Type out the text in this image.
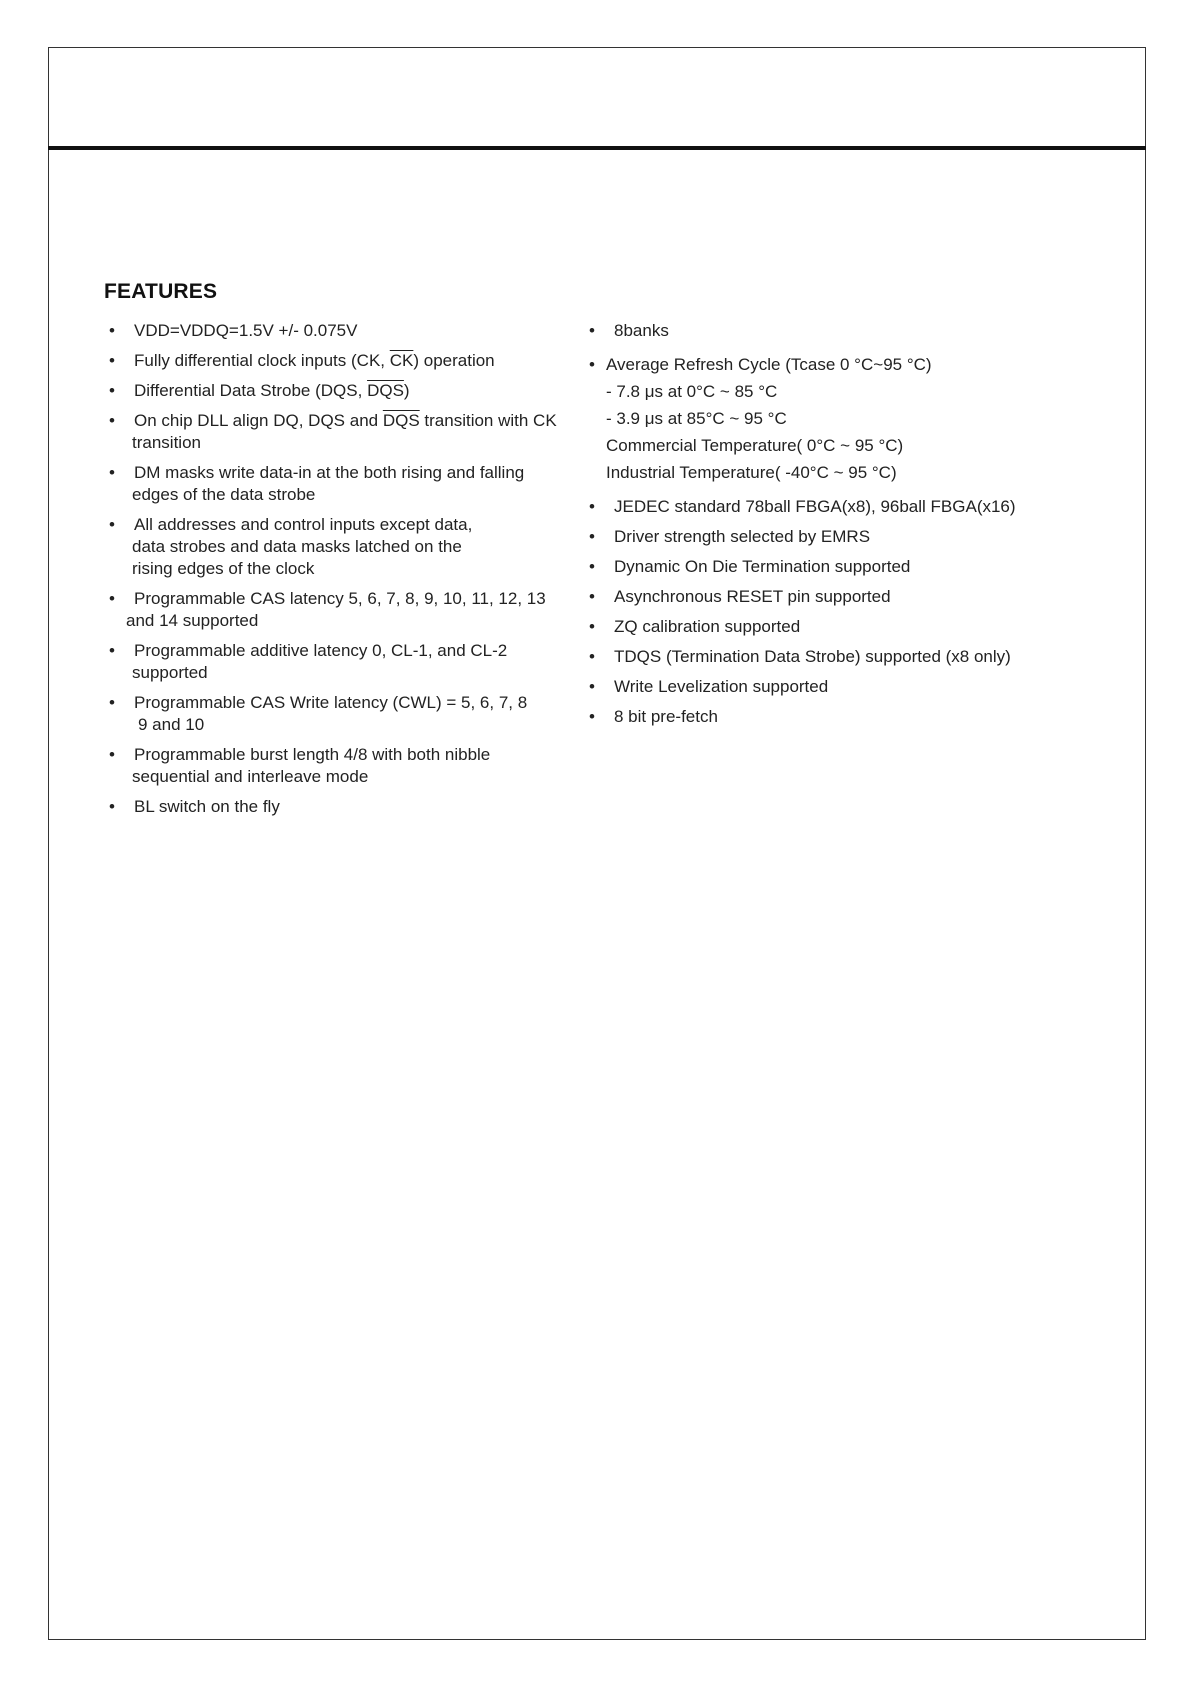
FEATURES
• VDD=VDDQ=1.5V +/- 0.075V
• Fully differential clock inputs (CK, $\overline{CK}$) operation
• Differential Data Strobe (DQS, $\overline{DQS}$)
• On chip DLL align DQ, DQS and $\overline{DQS}$ transition with CK
transition
• DM masks write data-in at the both rising and falling
edges of the data strobe
• All addresses and control inputs except data,
data strobes and data masks latched on the
rising edges of the clock
• Programmable CAS latency 5, 6, 7, 8, 9, 10, 11, 12, 13
and 14 supported
• Programmable additive latency 0, CL-1, and CL-2
supported
• Programmable CAS Write latency (CWL) = 5, 6, 7, 8
9 and 10
• Programmable burst length 4/8 with both nibble
sequential and interleave mode
• BL switch on the fly
• 8banks
• Average Refresh Cycle (Tcase 0 °C~95 °C)
- 7.8 μs at 0°C ~ 85 °C
- 3.9 μs at 85°C ~ 95 °C
Commercial Temperature( 0°C ~ 95 °C)
Industrial Temperature( -40°C ~ 95 °C)
• JEDEC standard 78ball FBGA(x8), 96ball FBGA(x16)
• Driver strength selected by EMRS
• Dynamic On Die Termination supported
• Asynchronous RESET pin supported
• ZQ calibration supported
• TDQS (Termination Data Strobe) supported (x8 only)
• Write Levelization supported
• 8 bit pre-fetch
